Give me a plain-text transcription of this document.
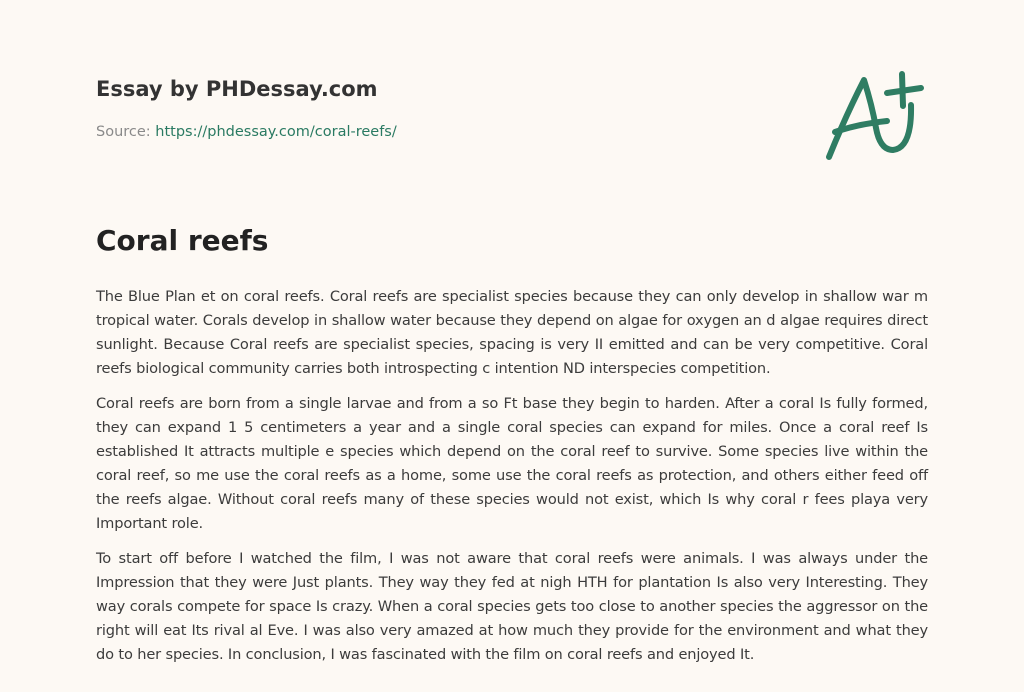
Essay by PHDessay.com
Source: https://phdessay.com/coral-reefs/
Coral reefs

The Blue Plan et on coral reefs. Coral reefs are specialist species because they can only develop in shallow war m tropical water. Corals develop in shallow water because they depend on algae for oxygen an d algae requires direct sunlight. Because Coral reefs are specialist species, spacing is very II emitted and can be very competitive. Coral reefs biological community carries both introspecting c intention ND interspecies competition.

Coral reefs are born from a single larvae and from a so Ft base they begin to harden. After a coral Is fully formed, they can expand 1 5 centimeters a year and a single coral species can expand for miles. Once a coral reef Is established It attracts multiple e species which depend on the coral reef to survive. Some species live within the coral reef, so me use the coral reefs as a home, some use the coral reefs as protection, and others either feed off the reefs algae. Without coral reefs many of these species would not exist, which Is why coral r fees playa very Important role.

To start off before I watched the film, I was not aware that coral reefs were animals. I was always under the Impression that they were Just plants. They way they fed at nigh HTH for plantation Is also very Interesting. They way corals compete for space Is crazy. When a coral species gets too close to another species the aggressor on the right will eat Its rival al Eve. I was also very amazed at how much they provide for the environment and what they do to her species. In conclusion, I was fascinated with the film on coral reefs and enjoyed It.
